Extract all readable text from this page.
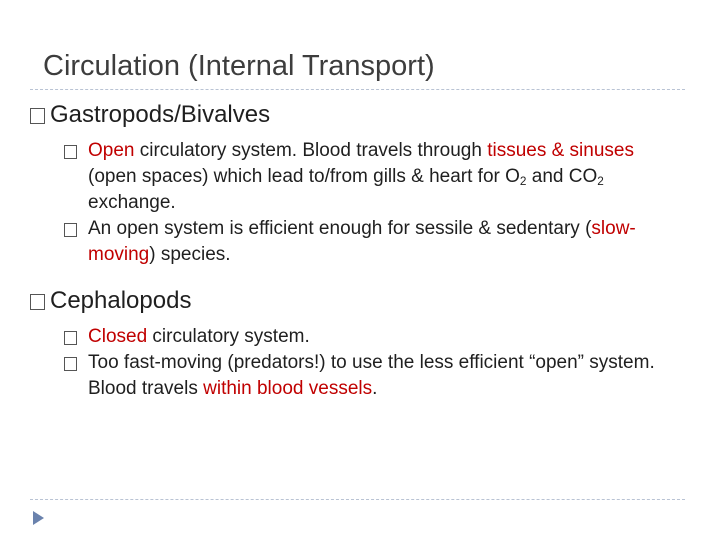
Circulation (Internal Transport)
Gastropods/Bivalves
Open circulatory system. Blood travels through tissues & sinuses (open spaces) which lead to/from gills & heart for $O_2$ and $CO_2$ exchange.
An open system is efficient enough for sessile & sedentary (slow-moving) species.
Cephalopods
Closed circulatory system.
Too fast-moving (predators!) to use the less efficient “open” system. Blood travels within blood vessels.
